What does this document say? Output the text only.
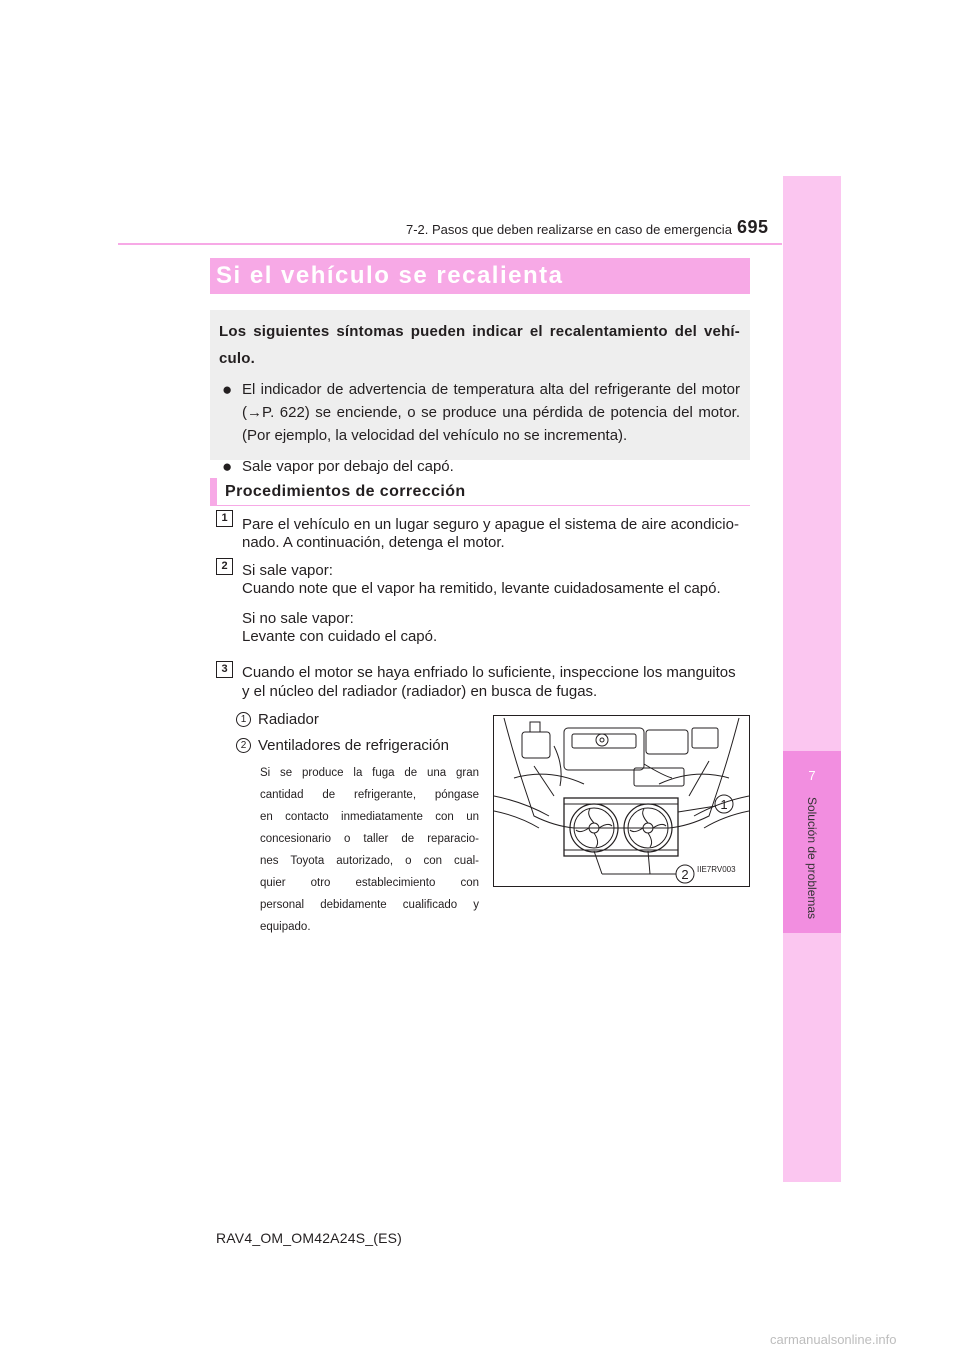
7
Solución de problemas
7-2. Pasos que deben realizarse en caso de emergencia 695
Si el vehículo se recalienta
Los siguientes síntomas pueden indicar el recalentamiento del vehí-culo.
● El indicador de advertencia de temperatura alta del refrigerante del motor (→P. 622) se enciende, o se produce una pérdida de potencia del motor. (Por ejemplo, la velocidad del vehículo no se incrementa).
● Sale vapor por debajo del capó.
Procedimientos de corrección
1 Pare el vehículo en un lugar seguro y apague el sistema de aire acondicio-
nado. A continuación, detenga el motor.
2 Si sale vapor:
Cuando note que el vapor ha remitido, levante cuidadosamente el capó.
Si no sale vapor:
Levante con cuidado el capó.
3 Cuando el motor se haya enfriado lo suficiente, inspeccione los manguitos
y el núcleo del radiador (radiador) en busca de fugas.
1 Radiador
2 Ventiladores de refrigeración
Si se produce la fuga de una gran
cantidad de refrigerante, póngase
en contacto inmediatamente con un
concesionario o taller de reparacio-
nes Toyota autorizado, o con cual-
quier otro establecimiento con
personal debidamente cualificado y
equipado.
1
2 IIE7RV003
RAV4_OM_OM42A24S_(ES)
carmanualsonline.info
